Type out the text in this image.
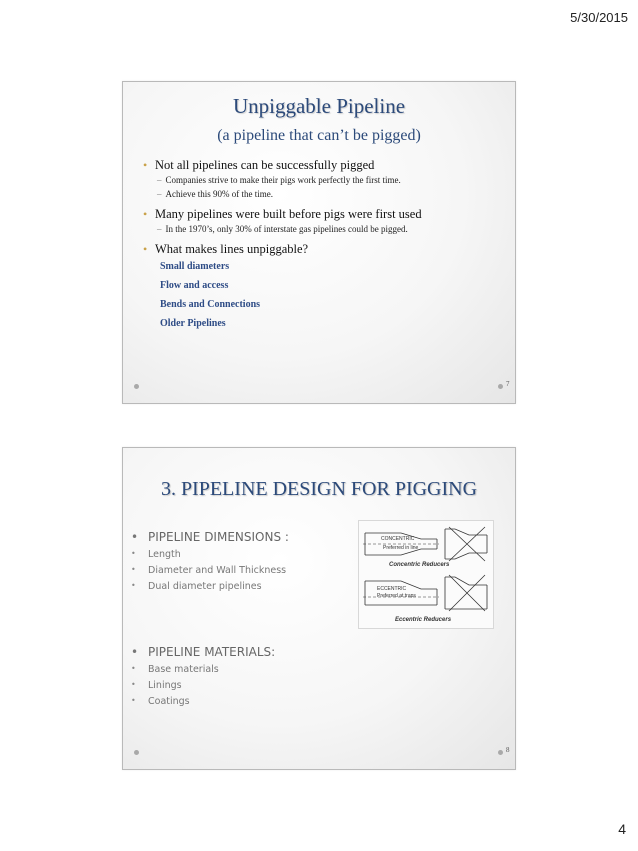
5/30/2015
Unpiggable Pipeline
(a pipeline that can’t be pigged)
• Not all pipelines can be successfully pigged
– Companies strive to make their pigs work perfectly the first time.
– Achieve this 90% of the time.
• Many pipelines were built before pigs were first used
– In the 1970’s, only 30% of interstate gas pipelines could be pigged.
• What makes lines unpiggable?
Small diameters
Flow and access
Bends and Connections
Older Pipelines
7
3. PIPELINE DESIGN FOR PIGGING
• PIPELINE DIMENSIONS :
• Length
• Diameter and Wall Thickness
• Dual diameter pipelines
• PIPELINE MATERIALS:
• Base materials
• Linings
• Coatings
CONCENTRIC
Preferred in line
Concentric Reducers
ECCENTRIC
Preferred at traps
Eccentric Reducers
8
4
